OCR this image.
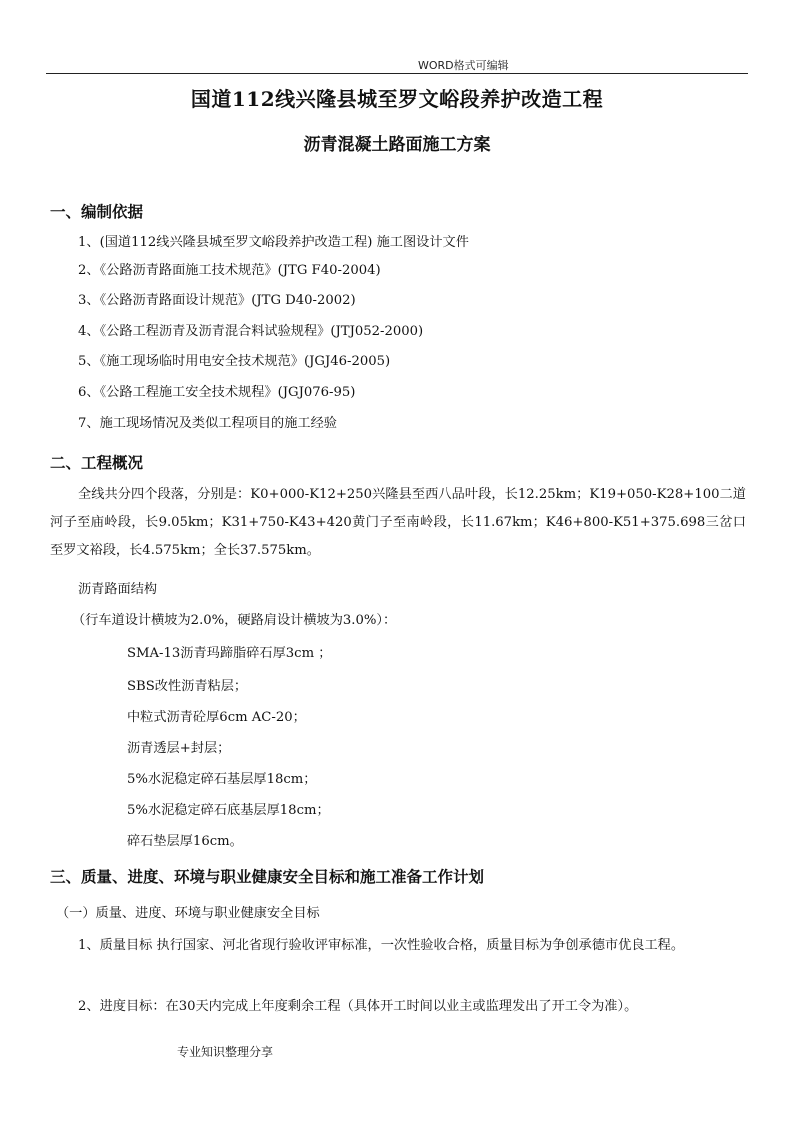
WORD格式可编辑
国道112线兴隆县城至罗文峪段养护改造工程
沥青混凝土路面施工方案
一、编制依据
1、(国道112线兴隆县城至罗文峪段养护改造工程) 施工图设计文件
2、《公路沥青路面施工技术规范》(JTG F40-2004)
3、《公路沥青路面设计规范》(JTG D40-2002)
4、《公路工程沥青及沥青混合料试验规程》(JTJ052-2000)
5、《施工现场临时用电安全技术规范》(JGJ46-2005)
6、《公路工程施工安全技术规程》(JGJ076-95)
7、施工现场情况及类似工程项目的施工经验
二、工程概况
全线共分四个段落，分别是：K0+000-K12+250兴隆县至西八品叶段，长12.25km；K19+050-K28+100二道河子至庙岭段，长9.05km；K31+750-K43+420黄门子至南岭段，长11.67km；K46+800-K51+375.698三岔口至罗文裕段，长4.575km；全长37.575km。
沥青路面结构
（行车道设计横坡为2.0%，硬路肩设计横坡为3.0%）：
SMA-13沥青玛蹄脂碎石厚3cm ；
SBS改性沥青粘层；
中粒式沥青砼厚6cm AC-20；
沥青透层+封层；
5%水泥稳定碎石基层厚18cm；
5%水泥稳定碎石底基层厚18cm；
碎石垫层厚16cm。
三、质量、进度、环境与职业健康安全目标和施工准备工作计划
（一）质量、进度、环境与职业健康安全目标
1、质量目标 执行国家、河北省现行验收评审标准，一次性验收合格，质量目标为争创承德市优良工程。
2、进度目标：在30天内完成上年度剩余工程（具体开工时间以业主或监理发出了开工令为准）。
专业知识整理分享
